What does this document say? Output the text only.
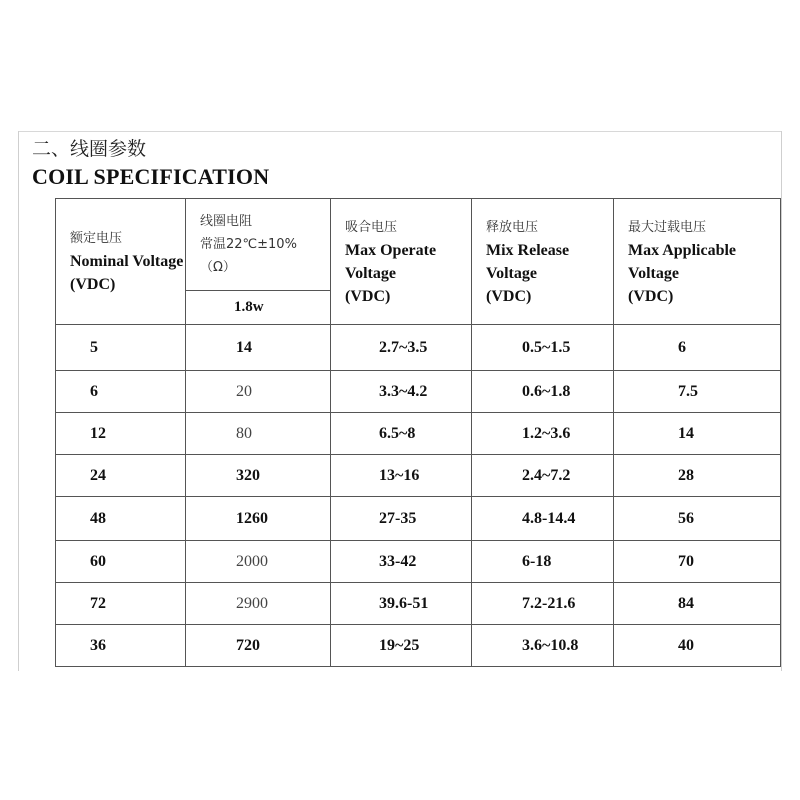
二、线圈参数
COIL SPECIFICATION
额定电压
Nominal Voltage
(VDC)	线圈电阻
常温22℃±10%
（Ω）	吸合电压
Max Operate
Voltage
(VDC)	释放电压
Mix Release
Voltage
(VDC)	最大过载电压
Max Applicable
Voltage
(VDC)

	1.8w			
5	14	2.7~3.5	0.5~1.5	6
6	20	3.3~4.2	0.6~1.8	7.5
12	80	6.5~8	1.2~3.6	14
24	320	13~16	2.4~7.2	28
48	1260	27-35	4.8-14.4	56
60	2000	33-42	6-18	70
72	2900	39.6-51	7.2-21.6	84
36	720	19~25	3.6~10.8	40
